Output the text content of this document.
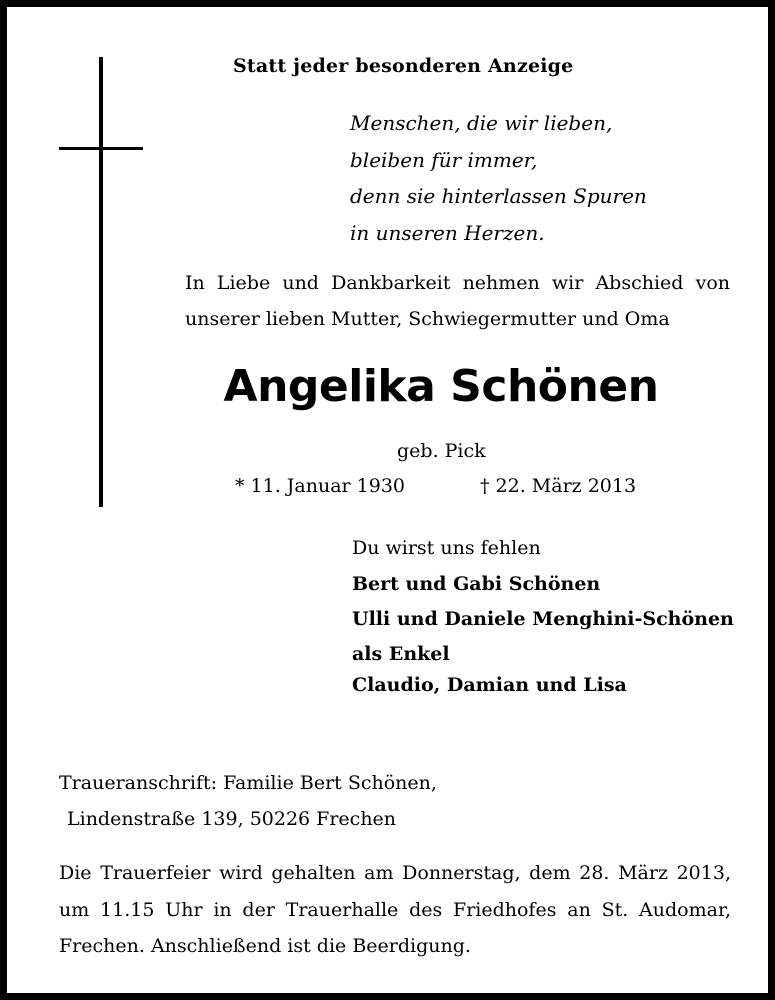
Statt jeder besonderen Anzeige
Menschen, die wir lieben,
bleiben für immer,
denn sie hinterlassen Spuren
in unseren Herzen.
In Liebe und Dankbarkeit nehmen wir Abschied von
unserer lieben Mutter, Schwiegermutter und Oma
Angelika Schönen
geb. Pick
* 11. Januar 1930	† 22. März 2013
Du wirst uns fehlen
Bert und Gabi Schönen
Ulli und Daniele Menghini-Schönen
als Enkel
Claudio, Damian und Lisa
Traueranschrift: Familie Bert Schönen,
Lindenstraße 139, 50226 Frechen
Die Trauerfeier wird gehalten am Donnerstag, dem 28. März 2013,
um 11.15 Uhr in der Trauerhalle des Friedhofes an St. Audomar,
Frechen. Anschließend ist die Beerdigung.
